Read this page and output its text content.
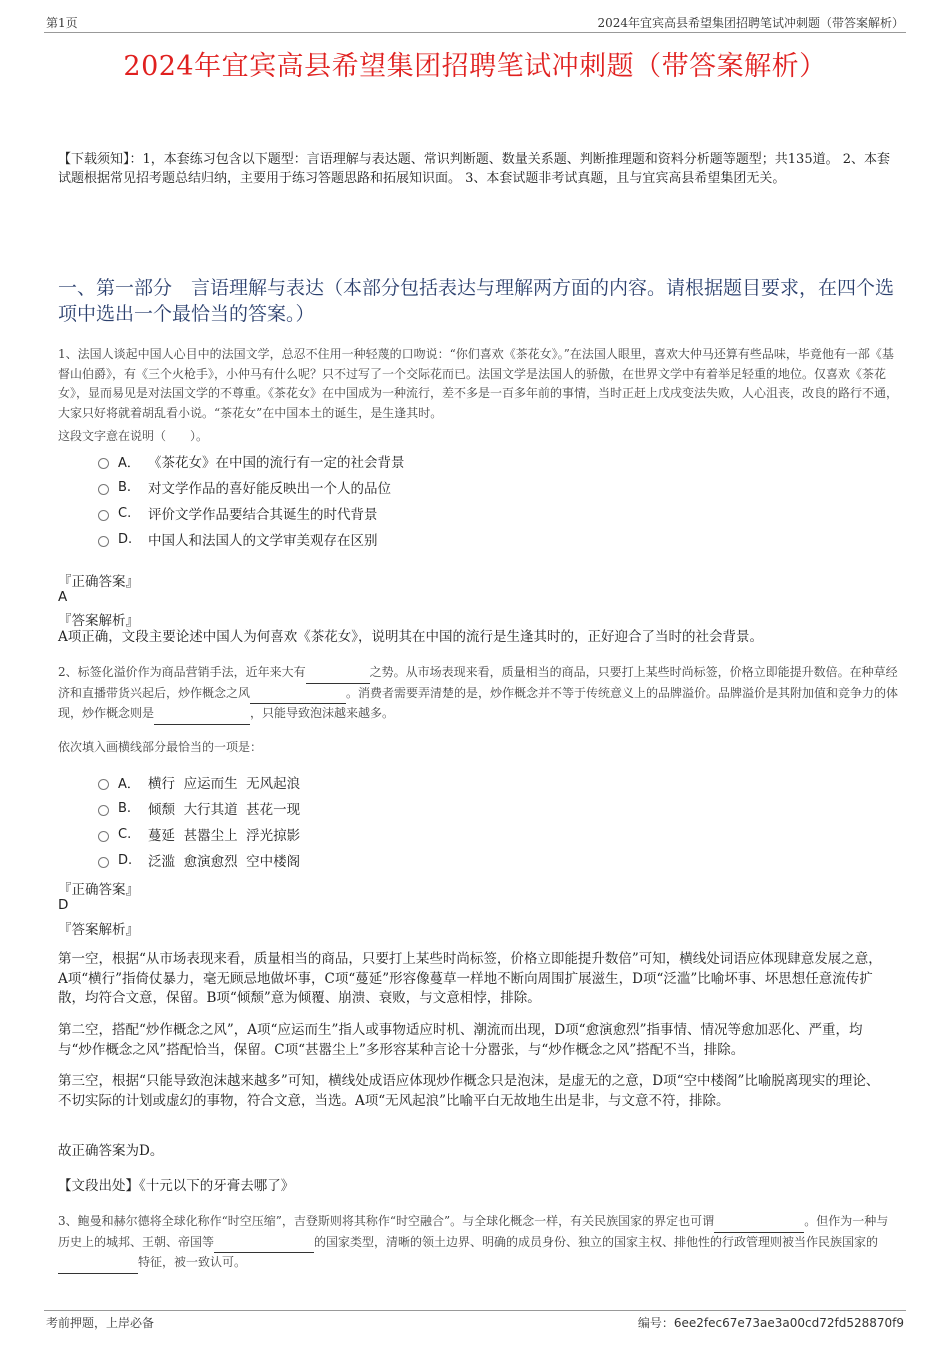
第1页	2024年宜宾高县希望集团招聘笔试冲刺题（带答案解析）
2024年宜宾高县希望集团招聘笔试冲刺题（带答案解析）
【下载须知】：1，本套练习包含以下题型：言语理解与表达题、常识判断题、数量关系题、判断推理题和资料分析题等题型；共135道。 2、本套试题根据常见招考题总结归纳，主要用于练习答题思路和拓展知识面。 3、本套试题非考试真题，且与宜宾高县希望集团无关。
一、第一部分　言语理解与表达（本部分包括表达与理解两方面的内容。请根据题目要求，在四个选项中选出一个最恰当的答案。）
1、法国人谈起中国人心目中的法国文学，总忍不住用一种轻蔑的口吻说：“你们喜欢《茶花女》。”在法国人眼里，喜欢大仲马还算有些品味，毕竟他有一部《基督山伯爵》，有《三个火枪手》，小仲马有什么呢？只不过写了一个交际花而已。法国文学是法国人的骄傲，在世界文学中有着举足轻重的地位。仅喜欢《茶花女》，显而易见是对法国文学的不尊重。《茶花女》在中国成为一种流行，差不多是一百多年前的事情，当时正赶上戊戌变法失败，人心沮丧，改良的路行不通，大家只好将就着胡乱看小说。“茶花女”在中国本土的诞生，是生逢其时。
这段文字意在说明（　　）。
A． 《茶花女》在中国的流行有一定的社会背景
B.	对文学作品的喜好能反映出一个人的品位
C.	评价文学作品要结合其诞生的时代背景
D.	中国人和法国人的文学审美观存在区别
『正确答案』
A
『答案解析』
A项正确，文段主要论述中国人为何喜欢《茶花女》，说明其在中国的流行是生逢其时的，正好迎合了当时的社会背景。
2、标签化溢价作为商品营销手法，近年来大有	之势。从市场表现来看，质量相当的商品，只要打上某些时尚标签，价格立即能提升数倍。在种草经济和直播带货兴起后，炒作概念之风	。消费者需要弄清楚的是，炒作概念并不等于传统意义上的品牌溢价。品牌溢价是其附加值和竞争力的体现，炒作概念则是	，只能导致泡沫越来越多。
依次填入画横线部分最恰当的一项是：
A． 横行  应运而生  无风起浪
B.	倾颓  大行其道  甚花一现
C.	蔓延  甚嚣尘上  浮光掠影
D.	泛滥  愈演愈烈  空中楼阁
『正确答案』
D
『答案解析』
第一空，根据“从市场表现来看，质量相当的商品，只要打上某些时尚标签，价格立即能提升数倍”可知，横线处词语应体现肆意发展之意，A项“横行”指倚仗暴力，毫无顾忌地做坏事，C项“蔓延”形容像蔓草一样地不断向周围扩展滋生，D项“泛滥”比喻坏事、坏思想任意流传扩散，均符合文意，保留。B项“倾颓”意为倾覆、崩溃、衰败，与文意相悖，排除。
第二空，搭配“炒作概念之风”，A项“应运而生”指人或事物适应时机、潮流而出现，D项“愈演愈烈”指事情、情况等愈加恶化、严重，均与“炒作概念之风”搭配恰当，保留。C项“甚嚣尘上”多形容某种言论十分嚣张，与“炒作概念之风”搭配不当，排除。
第三空，根据“只能导致泡沫越来越多”可知，横线处成语应体现炒作概念只是泡沫，是虚无的之意，D项“空中楼阁”比喻脱离现实的理论、不切实际的计划或虚幻的事物，符合文意，当选。A项“无风起浪”比喻平白无故地生出是非，与文意不符，排除。
故正确答案为D。
【文段出处】《十元以下的牙膏去哪了》
3、鲍曼和赫尔德将全球化称作“时空压缩”，吉登斯则将其称作“时空融合”。与全球化概念一样，有关民族国家的界定也可谓	。但作为一种与历史上的城邦、王朝、帝国等	的国家类型，清晰的领土边界、明确的成员身份、独立的国家主权、排他性的行政管理则被当作民族国家的 特征，被一致认可。
考前押题，上岸必备	编号：6ee2fec67e73ae3a00cd72fd528870f9
